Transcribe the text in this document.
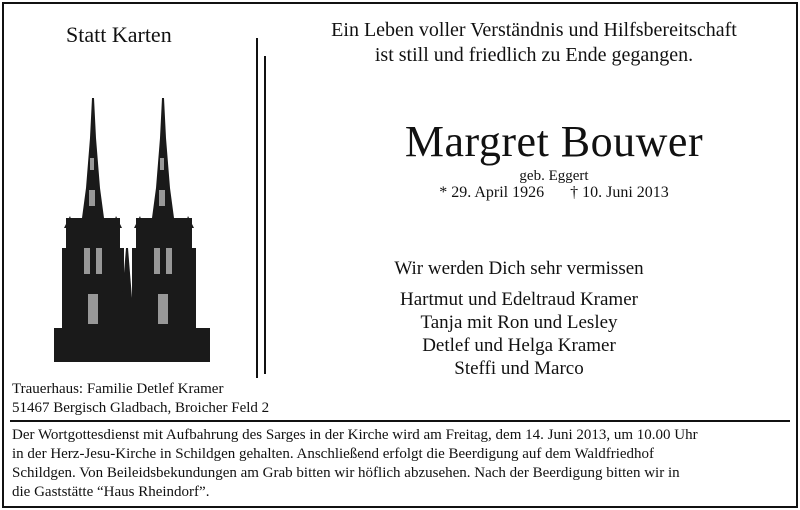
Statt Karten	Ein Leben voller Verständnis und Hilfsbereitschaft
ist still und friedlich zu Ende gegangen.
Margret Bouwer
geb. Eggert
* 29. April 1926 † 10. Juni 2013
Wir werden Dich sehr vermissen
Hartmut und Edeltraud Kramer
Tanja mit Ron und Lesley
Detlef und Helga Kramer
Steffi und Marco
Trauerhaus: Familie Detlef Kramer
51467 Bergisch Gladbach, Broicher Feld 2
Der Wortgottesdienst mit Aufbahrung des Sarges in der Kirche wird am Freitag, dem 14. Juni 2013, um 10.00 Uhr
in der Herz-Jesu-Kirche in Schildgen gehalten. Anschließend erfolgt die Beerdigung auf dem Waldfriedhof
Schildgen. Von Beileidsbekundungen am Grab bitten wir höflich abzusehen. Nach der Beerdigung bitten wir in
die Gaststätte “Haus Rheindorf”.
